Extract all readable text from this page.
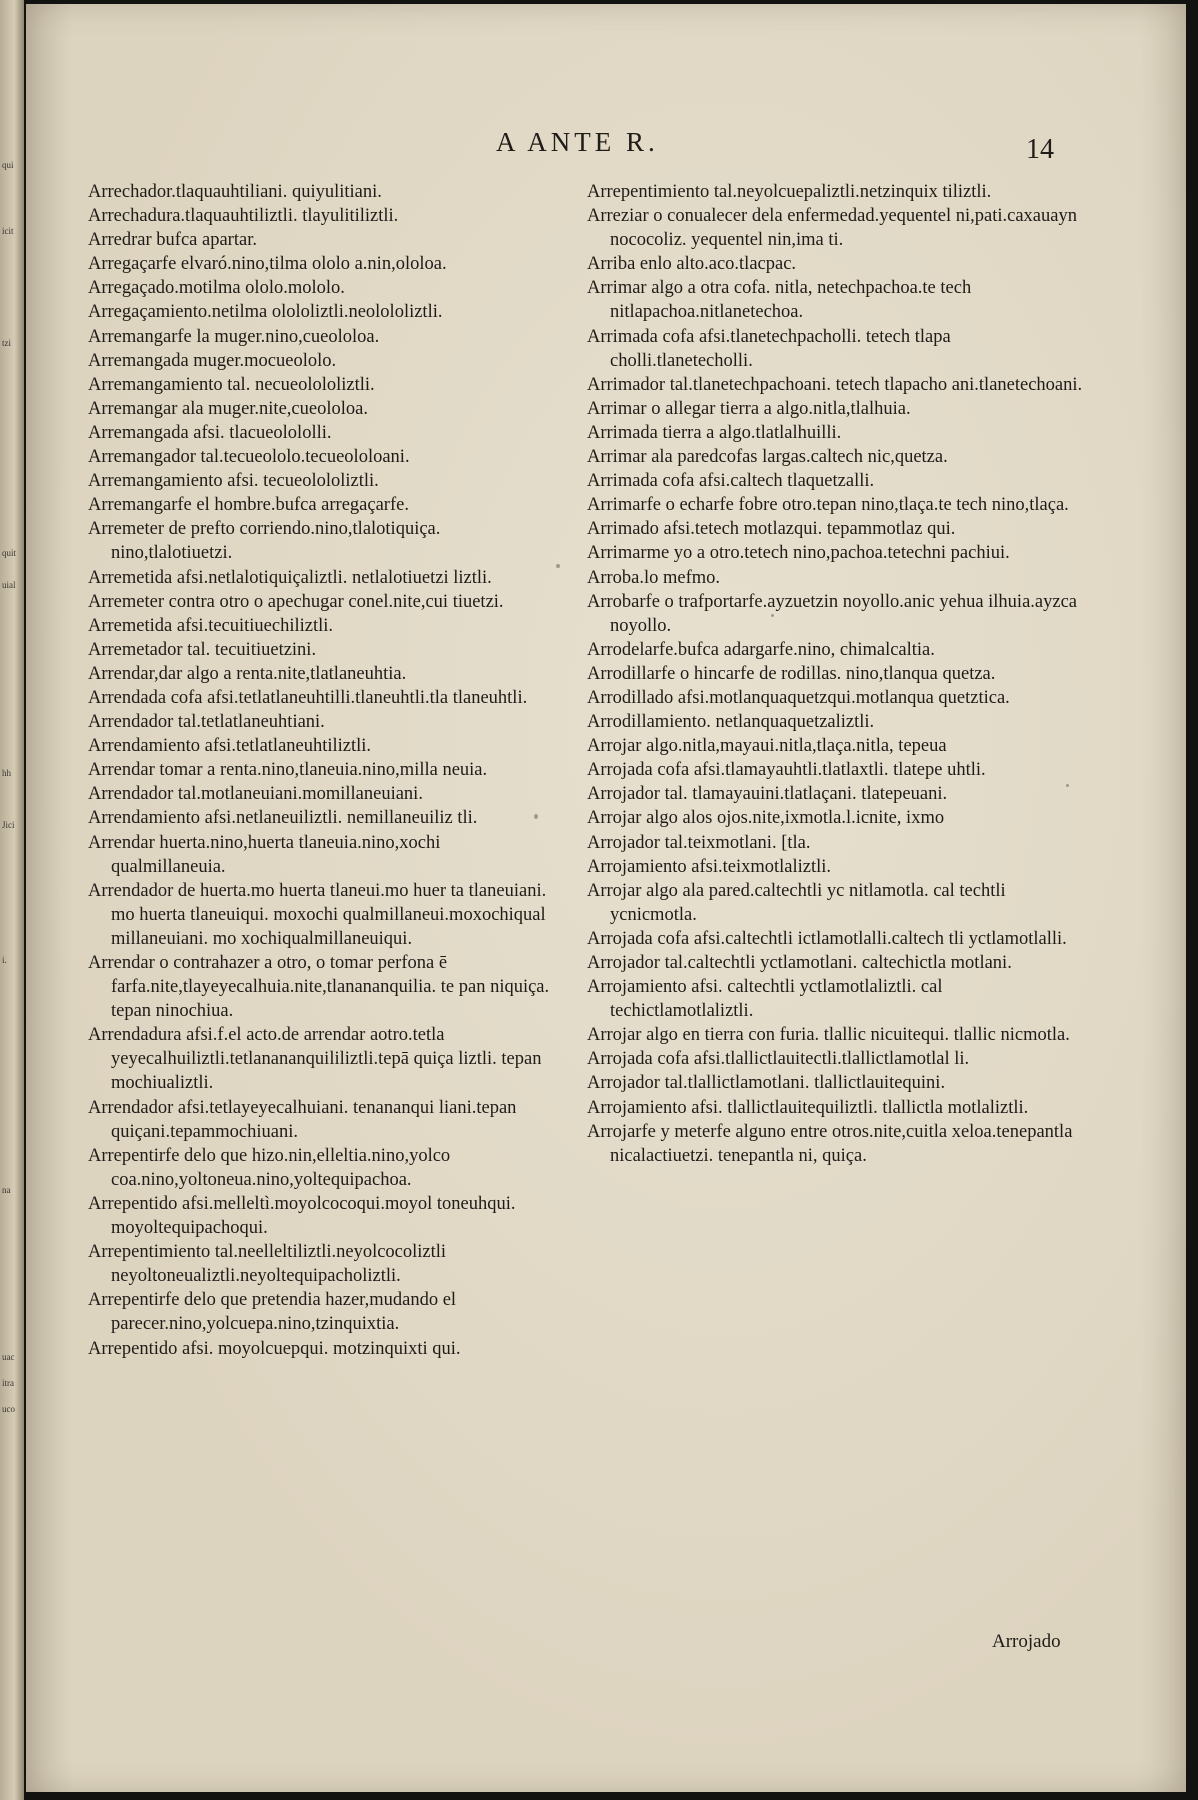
qui
icit
tzi
quit
uial
hh
Jici
i.
na
uac
itra
uco
A ANTE R.	14
Arrechador.tlaquauhtiliani. quiyulitiani.
Arrechadura.tlaquauhtiliztli. tlayulitiliztli.
Arredrar bufca apartar.
Arregaçarfe elvaró.nino,tilma ololo a.nin,ololoa.
Arregaçado.motilma ololo.mololo.
Arregaçamiento.netilma olololiztli.neolololiztli.
Arremangarfe la muger.nino,cueololoa.
Arremangada muger.mocueololo.
Arremangamiento tal. necueolololiztli.
Arremangar ala muger.nite,cueololoa.
Arremangada afsi. tlacueolololli.
Arremangador tal.tecueololo.tecueololoani.
Arremangamiento afsi. tecueolololiztli.
Arremangarfe el hombre.bufca arregaçarfe.
Arremeter de prefto corriendo.nino,tlalotiquiça. nino,tlalotiuetzi.
Arremetida afsi.netlalotiquiçaliztli. netlalotiuetzi liztli.
Arremeter contra otro o apechugar conel.nite,cui tiuetzi.
Arremetida afsi.tecuitiuechiliztli.
Arremetador tal. tecuitiuetzini.
Arrendar,dar algo a renta.nite,tlatlaneuhtia.
Arrendada cofa afsi.tetlatlaneuhtilli.tlaneuhtli.tla tlaneuhtli.
Arrendador tal.tetlatlaneuhtiani.
Arrendamiento afsi.tetlatlaneuhtiliztli.
Arrendar tomar a renta.nino,tlaneuia.nino,milla neuia.
Arrendador tal.motlaneuiani.momillaneuiani.
Arrendamiento afsi.netlaneuiliztli. nemillaneuiliz tli.
Arrendar huerta.nino,huerta tlaneuia.nino,xochi qualmillaneuia.
Arrendador de huerta.mo huerta tlaneui.mo huer ta tlaneuiani. mo huerta tlaneuiqui. moxochi qualmillaneui.moxochiqual millaneuiani. mo xochiqualmillaneuiqui.
Arrendar o contrahazer a otro, o tomar perfona ē farfa.nite,tlayeyecalhuia.nite,tlanananquilia. te pan niquiça. tepan ninochiua.
Arrendadura afsi.f.el acto.de arrendar aotro.tetla yeyecalhuiliztli.tetlanananquililiztli.tepā quiça liztli. tepan mochiualiztli.
Arrendador afsi.tetlayeyecalhuiani. tenananqui liani.tepan quiçani.tepammochiuani.
Arrepentirfe delo que hizo.nin,elleltia.nino,yolco coa.nino,yoltoneua.nino,yoltequipachoa.
Arrepentido afsi.melleltì.moyolcocoqui.moyol toneuhqui. moyoltequipachoqui.
Arrepentimiento tal.neelleltiliztli.neyolcocoliztli neyoltoneualiztli.neyoltequipacholiztli.
Arrepentirfe delo que pretendia hazer,mudando el parecer.nino,yolcuepa.nino,tzinquixtia.
Arrepentido afsi. moyolcuepqui. motzinquixti qui.
Arrepentimiento tal.neyolcuepaliztli.netzinquix tiliztli.
Arreziar o conualecer dela enfermedad.yequentel ni,pati.caxauayn nococoliz. yequentel nin,ima ti.
Arriba enlo alto.aco.tlacpac.
Arrimar algo a otra cofa. nitla, netechpachoa.te tech nitlapachoa.nitlanetechoa.
Arrimada cofa afsi.tlanetechpacholli. tetech tlapa cholli.tlanetecholli.
Arrimador tal.tlanetechpachoani. tetech tlapacho ani.tlanetechoani.
Arrimar o allegar tierra a algo.nitla,tlalhuia.
Arrimada tierra a algo.tlatlalhuilli.
Arrimar ala paredcofas largas.caltech nic,quetza.
Arrimada cofa afsi.caltech tlaquetzalli.
Arrimarfe o echarfe fobre otro.tepan nino,tlaça.te tech nino,tlaça.
Arrimado afsi.tetech motlazqui. tepammotlaz qui.
Arrimarme yo a otro.tetech nino,pachoa.tetechni pachiui.
Arroba.lo mefmo.
Arrobarfe o trafportarfe.ayzuetzin noyollo.anic yehua ilhuia.ayzca noyollo.
Arrodelarfe.bufca adargarfe.nino, chimalcaltia.
Arrodillarfe o hincarfe de rodillas. nino,tlanqua quetza.
Arrodillado afsi.motlanquaquetzqui.motlanqua quetztica.
Arrodillamiento. netlanquaquetzaliztli.
Arrojar algo.nitla,mayaui.nitla,tlaça.nitla, tepeua
Arrojada cofa afsi.tlamayauhtli.tlatlaxtli. tlatepe uhtli.
Arrojador tal. tlamayauini.tlatlaçani. tlatepeuani.
Arrojar algo alos ojos.nite,ixmotla.l.icnite, ixmo
Arrojador tal.teixmotlani. [tla.
Arrojamiento afsi.teixmotlaliztli.
Arrojar algo ala pared.caltechtli yc nitlamotla. cal techtli ycnicmotla.
Arrojada cofa afsi.caltechtli ictlamotlalli.caltech tli yctlamotlalli.
Arrojador tal.caltechtli yctlamotlani. caltechictla motlani.
Arrojamiento afsi. caltechtli yctlamotlaliztli. cal techictlamotlaliztli.
Arrojar algo en tierra con furia. tlallic nicuitequi. tlallic nicmotla.
Arrojada cofa afsi.tlallictlauitectli.tlallictlamotlal li.
Arrojador tal.tlallictlamotlani. tlallictlauitequini.
Arrojamiento afsi. tlallictlauitequiliztli. tlallictla motlaliztli.
Arrojarfe y meterfe alguno entre otros.nite,cuitla xeloa.tenepantla nicalactiuetzi. tenepantla ni, quiça.
Arrojado
